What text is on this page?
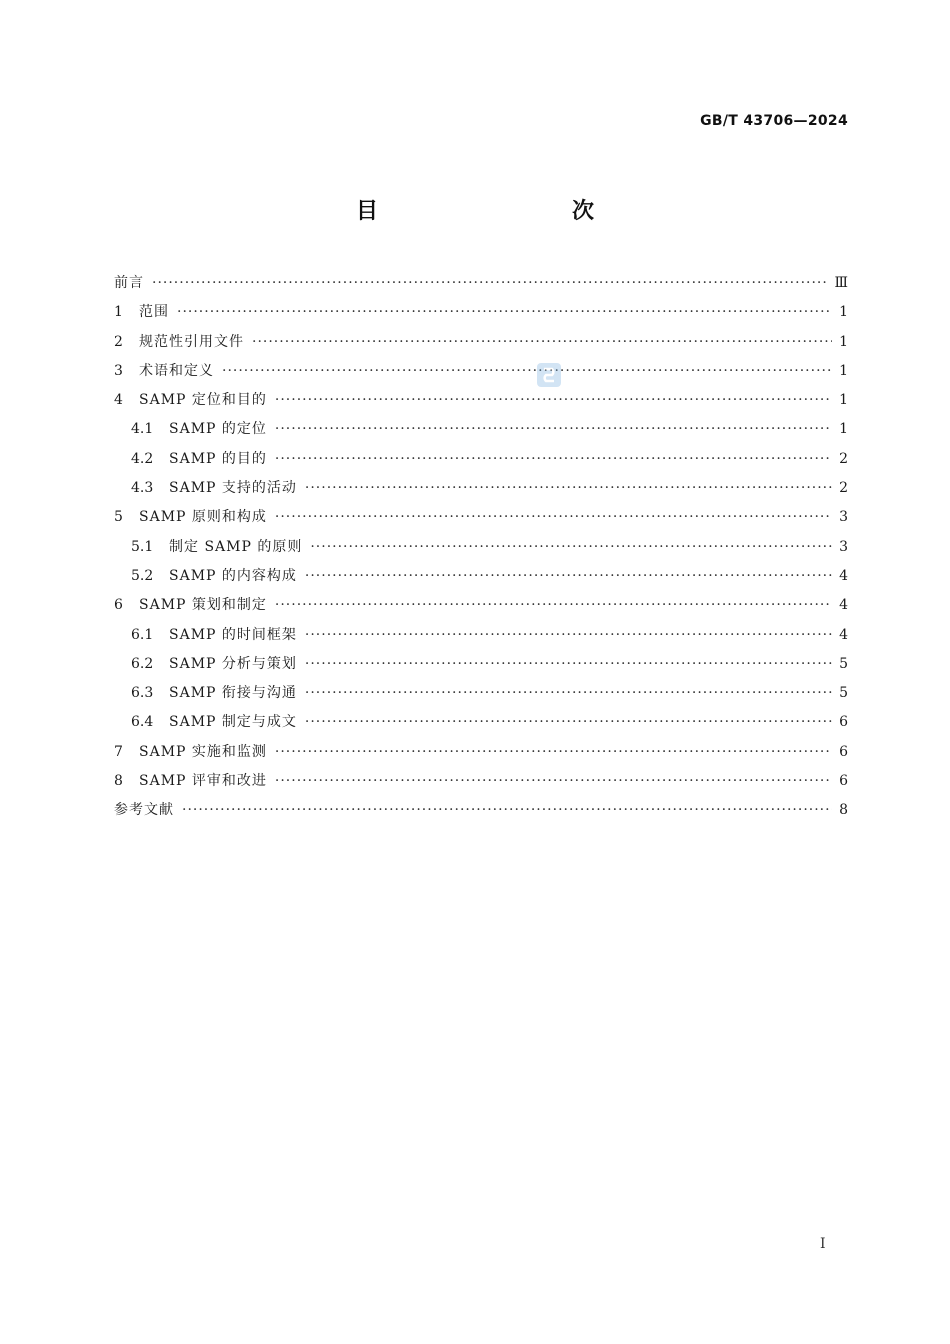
GB/T 43706—2024
目　　次
前言 ·····	Ⅲ
1	范围 ·····	1
2	规范性引用文件 ·····	1
3	术语和定义 ·····	1
4	SAMP 定位和目的 ·····	1
4.1	SAMP 的定位 ·····	1
4.2	SAMP 的目的 ·····	2
4.3	SAMP 支持的活动 ·····	2
5	SAMP 原则和构成 ·····	3
5.1	制定 SAMP 的原则 ·····	3
5.2	SAMP 的内容构成 ·····	4
6	SAMP 策划和制定 ·····	4
6.1	SAMP 的时间框架 ·····	4
6.2	SAMP 分析与策划 ·····	5
6.3	SAMP 衔接与沟通 ·····	5
6.4	SAMP 制定与成文 ·····	6
7	SAMP 实施和监测 ·····	6
8	SAMP 评审和改进 ·····	6
参考文献 ·····	8
I
